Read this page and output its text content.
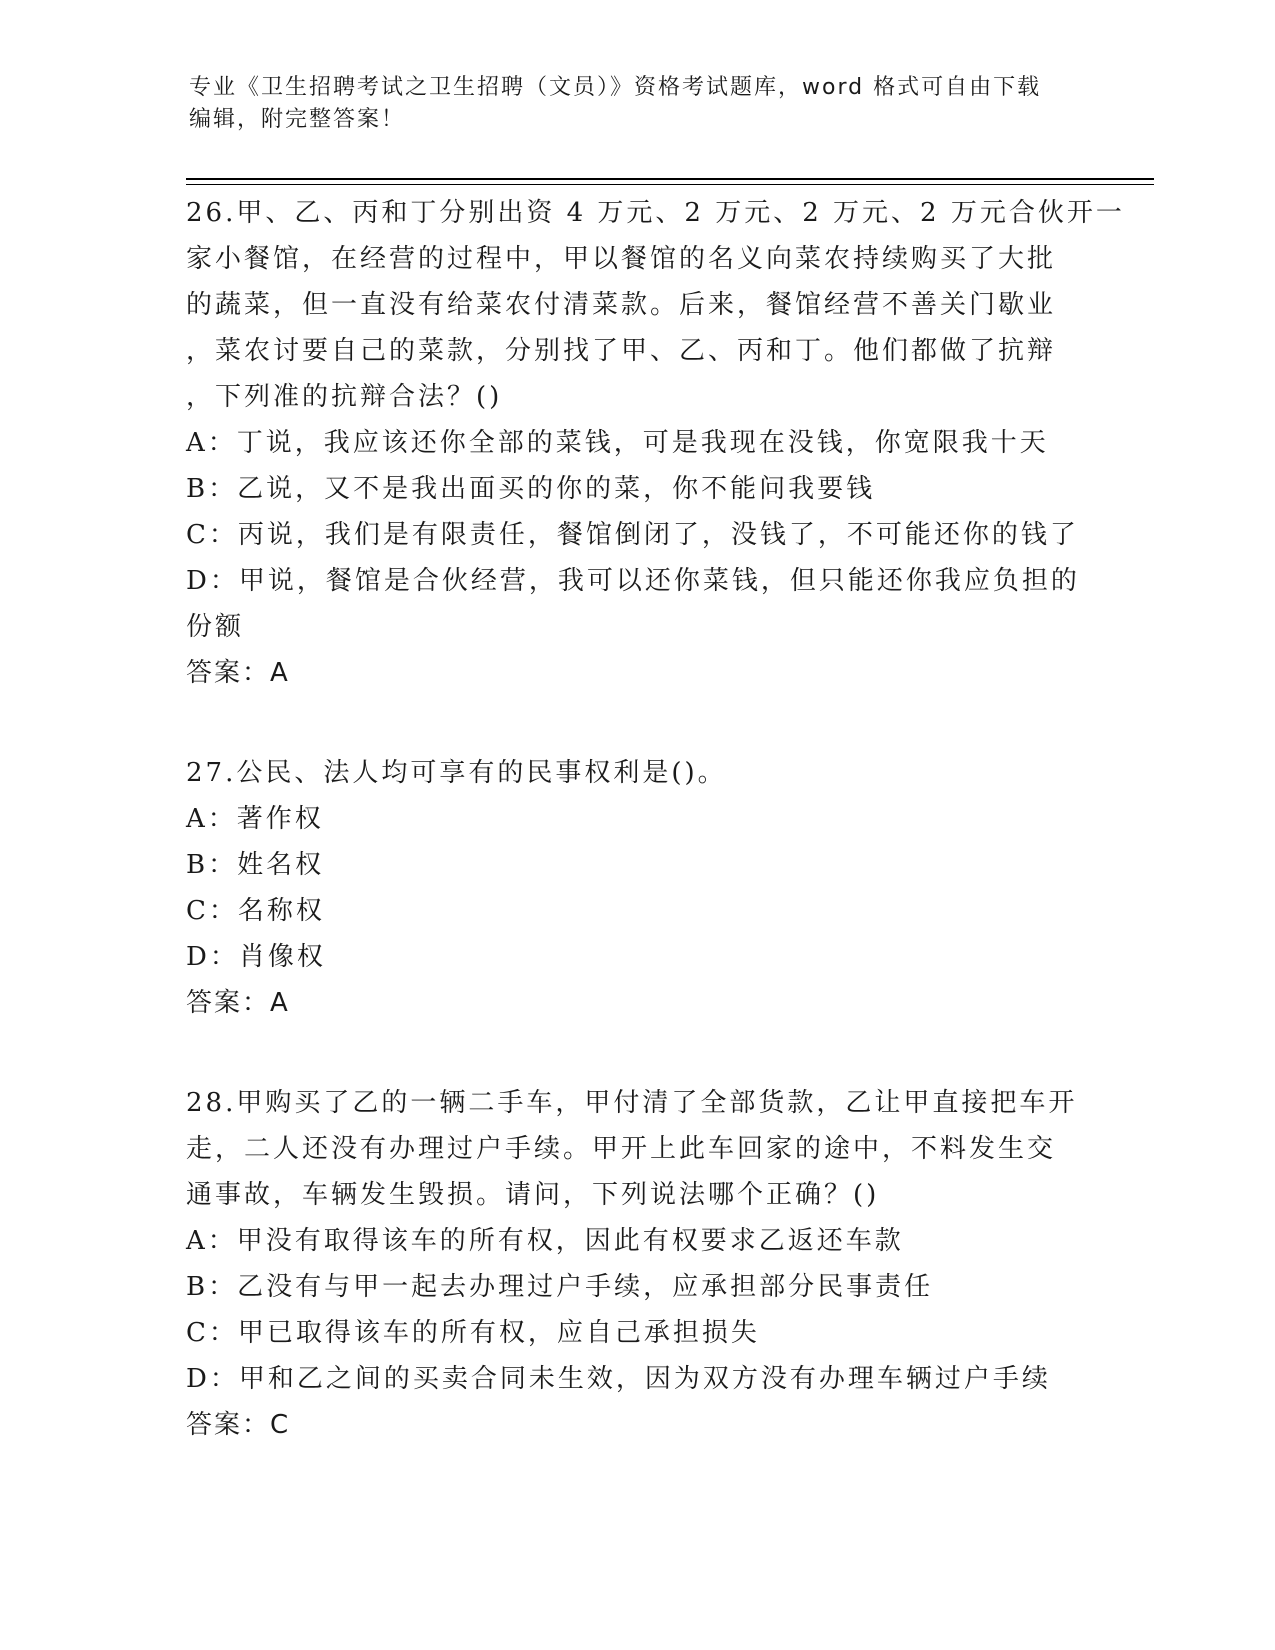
专业《卫生招聘考试之卫生招聘（文员）》资格考试题库，word 格式可自由下载
编辑，附完整答案！
26.甲、乙、丙和丁分别出资 4 万元、2 万元、2 万元、2 万元合伙开一
家小餐馆，在经营的过程中，甲以餐馆的名义向菜农持续购买了大批
的蔬菜，但一直没有给菜农付清菜款。后来，餐馆经营不善关门歇业
，菜农讨要自己的菜款，分别找了甲、乙、丙和丁。他们都做了抗辩
，下列准的抗辩合法？()
A：丁说，我应该还你全部的菜钱，可是我现在没钱，你宽限我十天
B：乙说，又不是我出面买的你的菜，你不能问我要钱
C：丙说，我们是有限责任，餐馆倒闭了，没钱了，不可能还你的钱了
D：甲说，餐馆是合伙经营，我可以还你菜钱，但只能还你我应负担的
份额
答案：A
27.公民、法人均可享有的民事权利是()。
A：著作权
B：姓名权
C：名称权
D：肖像权
答案：A
28.甲购买了乙的一辆二手车，甲付清了全部货款，乙让甲直接把车开
走，二人还没有办理过户手续。甲开上此车回家的途中，不料发生交
通事故，车辆发生毁损。请问，下列说法哪个正确？()
A：甲没有取得该车的所有权，因此有权要求乙返还车款
B：乙没有与甲一起去办理过户手续，应承担部分民事责任
C：甲已取得该车的所有权，应自己承担损失
D：甲和乙之间的买卖合同未生效，因为双方没有办理车辆过户手续
答案：C
